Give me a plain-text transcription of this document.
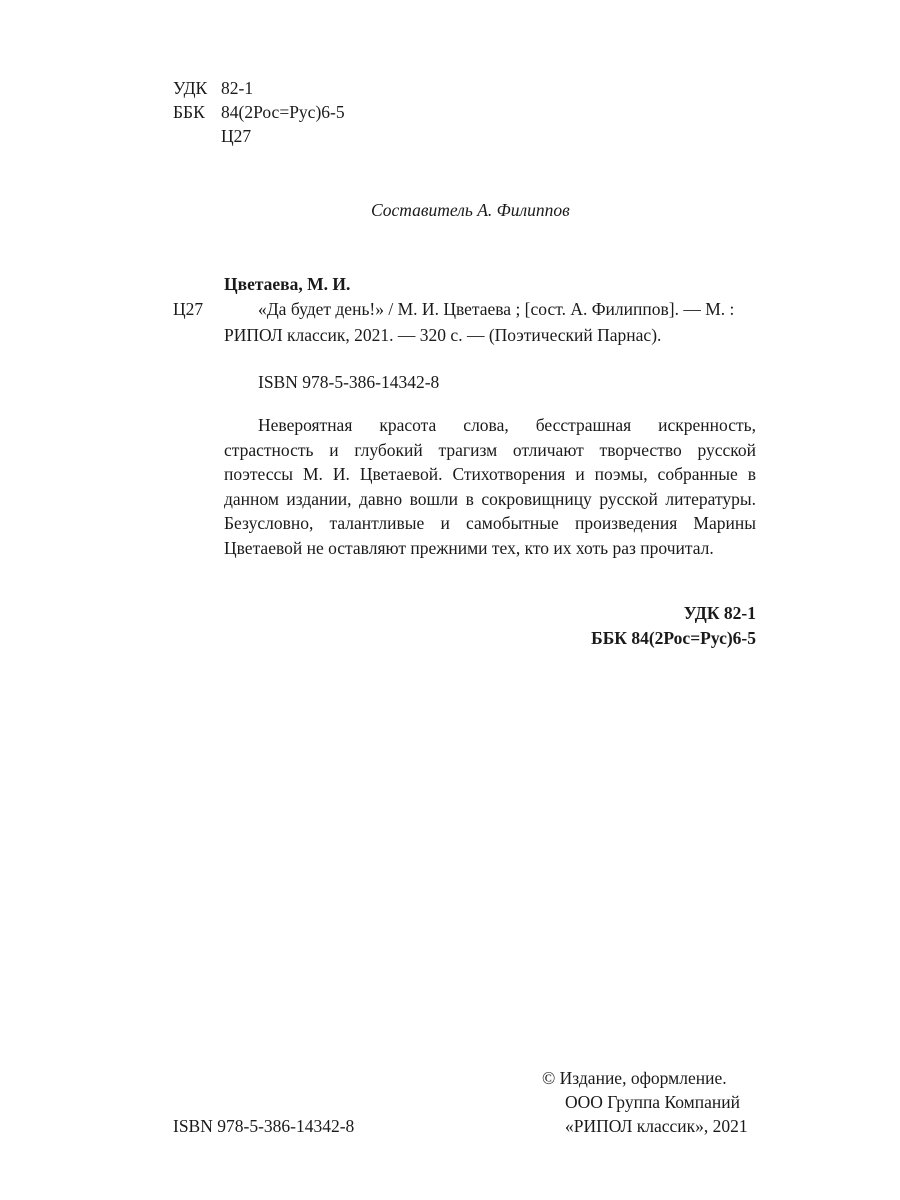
УДК 82-1
ББК 84(2Рос=Рус)6-5
Ц27
Составитель А. Филиппов
Цветаева, М. И.
Ц27	«Да будет день!» / М. И. Цветаева ; [сост. А. Филиппов]. — М. : РИПОЛ классик, 2021. — 320 с. — (Поэтический Парнас).
ISBN 978-5-386-14342-8
Невероятная красота слова, бесстрашная искренность, страстность и глубокий трагизм отличают творчество русской поэтессы М. И. Цветаевой. Стихотворения и поэмы, собранные в данном издании, давно вошли в сокровищницу русской литературы. Безусловно, талантливые и самобытные произведения Марины Цветаевой не оставляют прежними тех, кто их хоть раз прочитал.
УДК 82-1
ББК 84(2Рос=Рус)6-5
ISBN 978-5-386-14342-8
© Издание, оформление.
ООО Группа Компаний
«РИПОЛ классик», 2021
